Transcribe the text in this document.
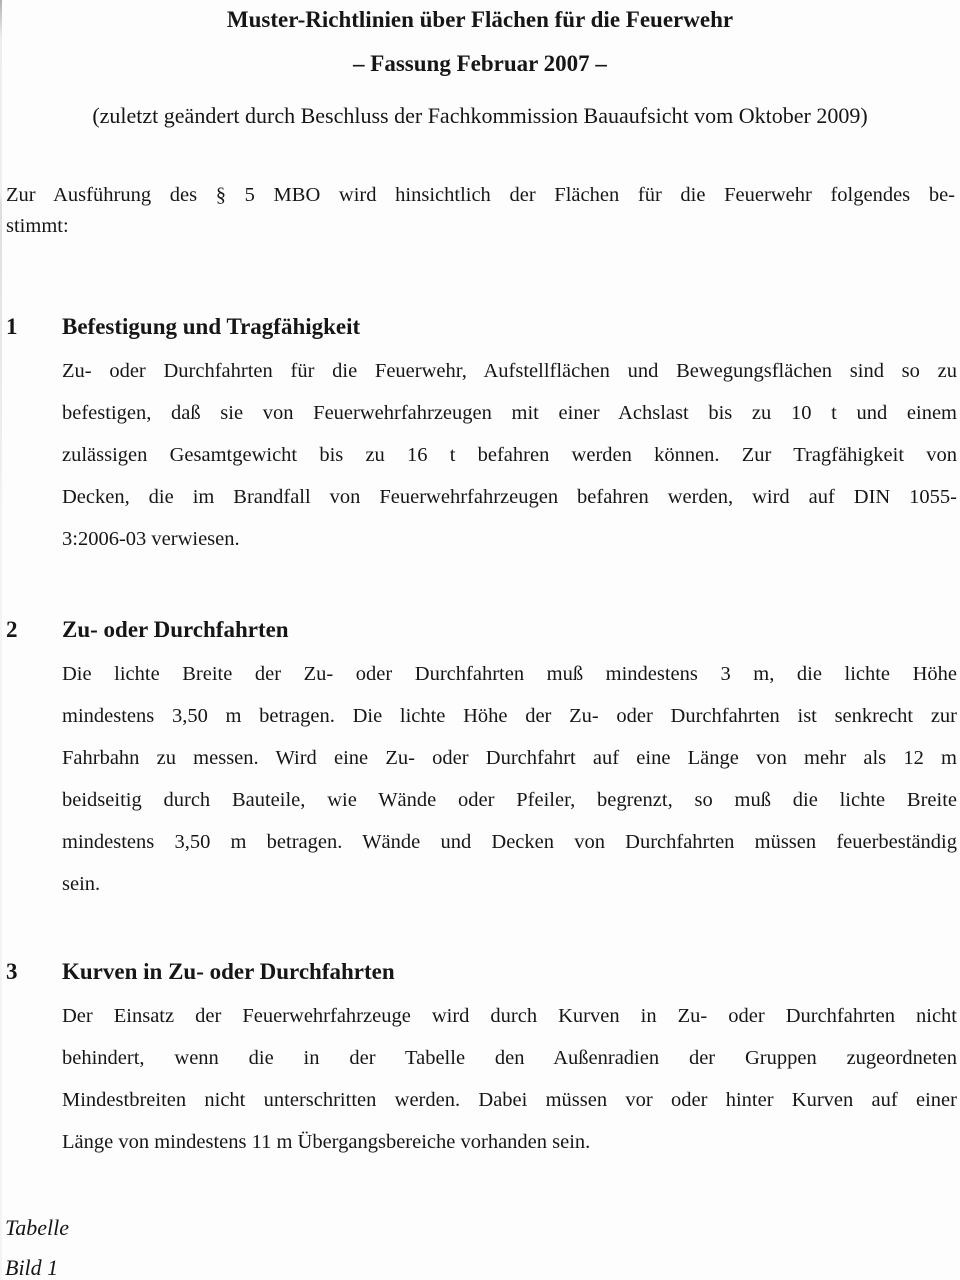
Muster-Richtlinien über Flächen für die Feuerwehr
– Fassung Februar 2007 –
(zuletzt geändert durch Beschluss der Fachkommission Bauaufsicht vom Oktober 2009)
Zur Ausführung des § 5 MBO wird hinsichtlich der Flächen für die Feuerwehr folgendes be-
stimmt:
1 Befestigung und Tragfähigkeit
Zu- oder Durchfahrten für die Feuerwehr, Aufstellflächen und Bewegungsflächen sind so zu
befestigen, daß sie von Feuerwehrfahrzeugen mit einer Achslast bis zu 10 t und einem
zulässigen Gesamtgewicht bis zu 16 t befahren werden können. Zur Tragfähigkeit von
Decken, die im Brandfall von Feuerwehrfahrzeugen befahren werden, wird auf DIN 1055-
3:2006-03 verwiesen.
2 Zu- oder Durchfahrten
Die lichte Breite der Zu- oder Durchfahrten muß mindestens 3 m, die lichte Höhe
mindestens 3,50 m betragen. Die lichte Höhe der Zu- oder Durchfahrten ist senkrecht zur
Fahrbahn zu messen. Wird eine Zu- oder Durchfahrt auf eine Länge von mehr als 12 m
beidseitig durch Bauteile, wie Wände oder Pfeiler, begrenzt, so muß die lichte Breite
mindestens 3,50 m betragen. Wände und Decken von Durchfahrten müssen feuerbeständig
sein.
3 Kurven in Zu- oder Durchfahrten
Der Einsatz der Feuerwehrfahrzeuge wird durch Kurven in Zu- oder Durchfahrten nicht
behindert, wenn die in der Tabelle den Außenradien der Gruppen zugeordneten
Mindestbreiten nicht unterschritten werden. Dabei müssen vor oder hinter Kurven auf einer
Länge von mindestens 11 m Übergangsbereiche vorhanden sein.
Tabelle
Bild 1
